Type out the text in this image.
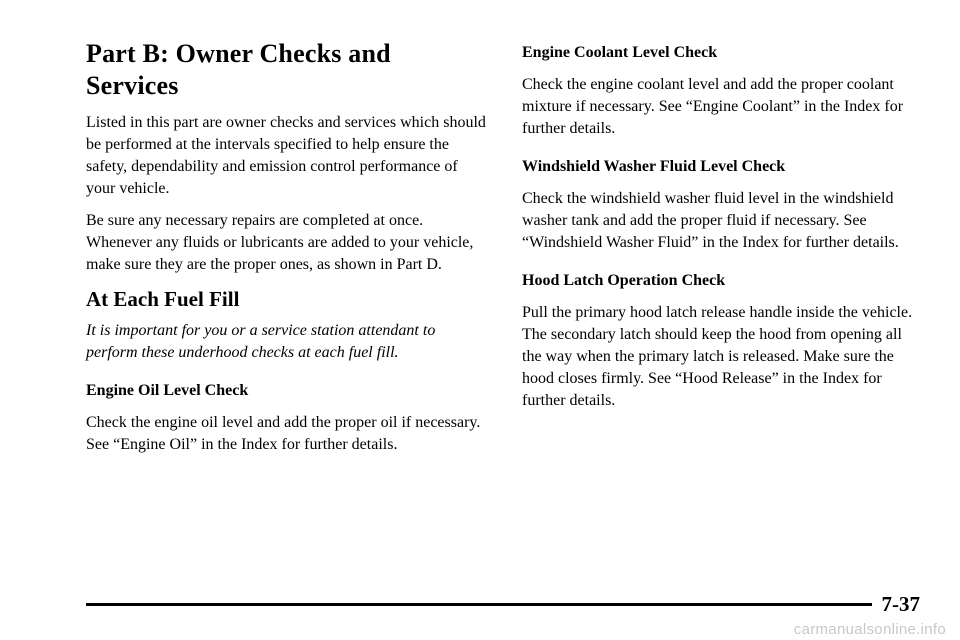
Part B: Owner Checks and Services

Listed in this part are owner checks and services which should be performed at the intervals specified to help ensure the safety, dependability and emission control performance of your vehicle.

Be sure any necessary repairs are completed at once. Whenever any fluids or lubricants are added to your vehicle, make sure they are the proper ones, as shown in Part D.

At Each Fuel Fill

It is important for you or a service station attendant to perform these underhood checks at each fuel fill.

Engine Oil Level Check

Check the engine oil level and add the proper oil if necessary. See “Engine Oil” in the Index for further details.

Engine Coolant Level Check

Check the engine coolant level and add the proper coolant mixture if necessary. See “Engine Coolant” in the Index for further details.

Windshield Washer Fluid Level Check

Check the windshield washer fluid level in the windshield washer tank and add the proper fluid if necessary. See “Windshield Washer Fluid” in the Index for further details.

Hood Latch Operation Check

Pull the primary hood latch release handle inside the vehicle. The secondary latch should keep the hood from opening all the way when the primary latch is released. Make sure the hood closes firmly. See “Hood Release” in the Index for further details.

7-37
carmanualsonline.info
